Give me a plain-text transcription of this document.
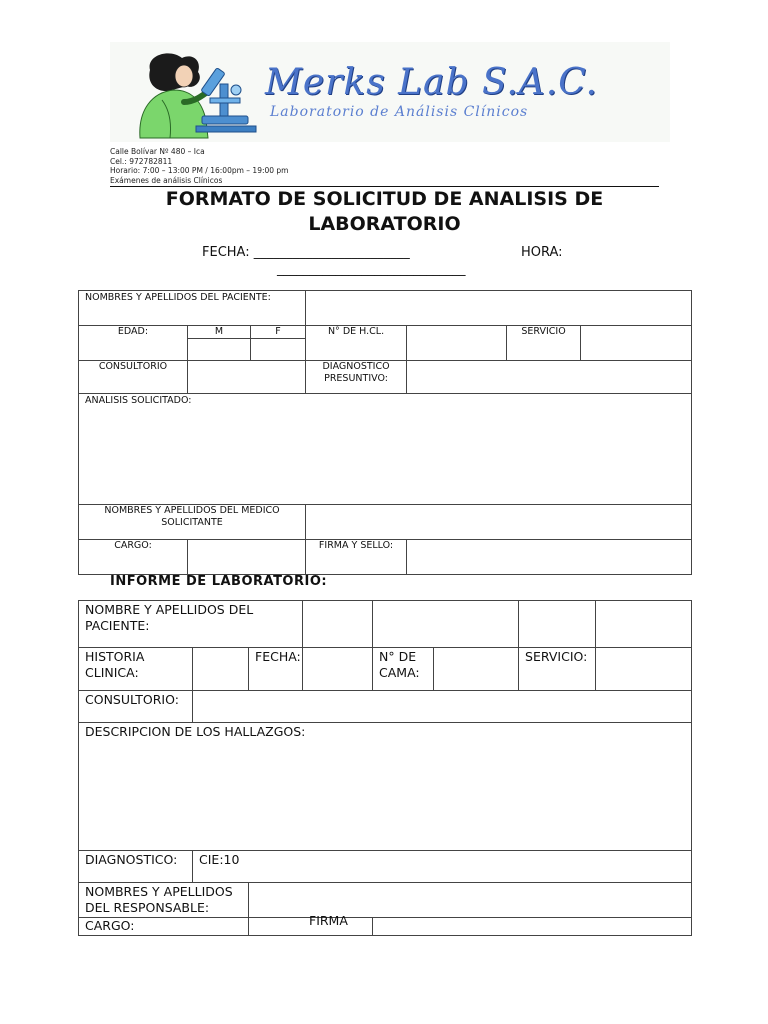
Merks Lab S.A.C.
Laboratorio de Análisis Clínicos
Calle Bolívar Nº 480 – Ica
Cel.: 972782811
Horario: 7:00 – 13:00 PM / 16:00pm – 19:00 pm
Exámenes de análisis Clínicos
FORMATO DE SOLICITUD DE ANALISIS DE
LABORATORIO
FECHA: ________________________	HORA:
_____________________________
NOMBRES Y APELLIDOS DEL PACIENTE:						
EDAD:	M	F	N° DE H.CL.		SERVICIO	

CONSULTORIO			DIAGNOSTICO PRESUNTIVO:			
ANALISIS SOLICITADO:						
NOMBRES Y APELLIDOS DEL MEDICO SOLICITANTE						
CARGO:			FIRMA Y SELLO:			
INFORME DE LABORATORIO:
NOMBRE Y APELLIDOS DEL PACIENTE:							
HISTORIA CLINICA:		FECHA:		N° DE CAMA:		SERVICIO:	
CONSULTORIO:							
DESCRIPCION DE LOS HALLAZGOS:							
DIAGNOSTICO:	CIE:10						
NOMBRES Y APELLIDOS DEL RESPONSABLE:							
CARGO:								FIRMA
